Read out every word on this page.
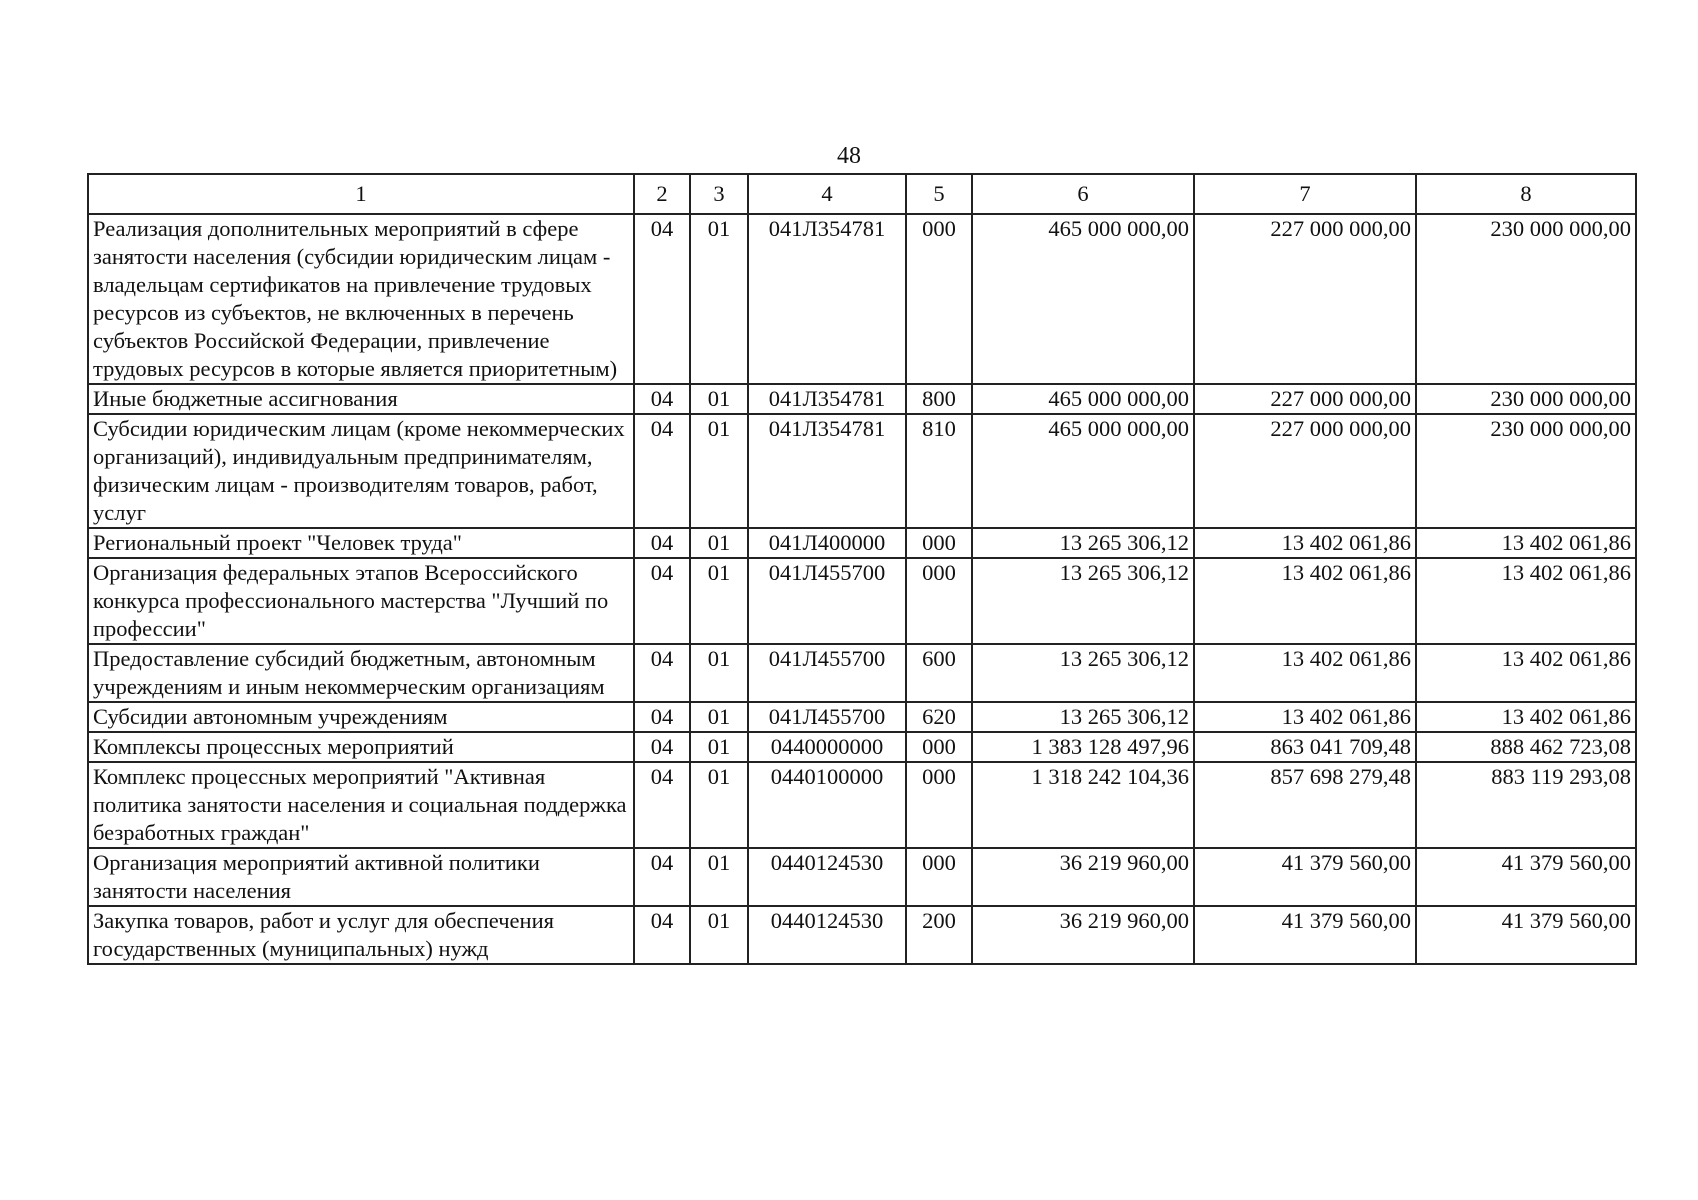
48
1	2	3	4	5	6	7	8
Реализация дополнительных мероприятий в сфере занятости населения (субсидии юридическим лицам - владельцам сертификатов на привлечение трудовых ресурсов из субъектов, не включенных в перечень субъектов Российской Федерации, привлечение трудовых ресурсов в которые является приоритетным)	04	01	041Л354781	000	465 000 000,00	227 000 000,00	230 000 000,00
Иные бюджетные ассигнования	04	01	041Л354781	800	465 000 000,00	227 000 000,00	230 000 000,00
Субсидии юридическим лицам (кроме некоммерческих организаций), индивидуальным предпринимателям, физическим лицам - производителям товаров, работ, услуг	04	01	041Л354781	810	465 000 000,00	227 000 000,00	230 000 000,00
Региональный проект "Человек труда"	04	01	041Л400000	000	13 265 306,12	13 402 061,86	13 402 061,86
Организация федеральных этапов Всероссийского конкурса профессионального мастерства "Лучший по профессии"	04	01	041Л455700	000	13 265 306,12	13 402 061,86	13 402 061,86
Предоставление субсидий бюджетным, автономным учреждениям и иным некоммерческим организациям	04	01	041Л455700	600	13 265 306,12	13 402 061,86	13 402 061,86
Субсидии автономным учреждениям	04	01	041Л455700	620	13 265 306,12	13 402 061,86	13 402 061,86
Комплексы процессных мероприятий	04	01	0440000000	000	1 383 128 497,96	863 041 709,48	888 462 723,08
Комплекс процессных мероприятий "Активная политика занятости населения и социальная поддержка безработных граждан"	04	01	0440100000	000	1 318 242 104,36	857 698 279,48	883 119 293,08
Организация мероприятий активной политики занятости населения	04	01	0440124530	000	36 219 960,00	41 379 560,00	41 379 560,00
Закупка товаров, работ и услуг для обеспечения государственных (муниципальных) нужд	04	01	0440124530	200	36 219 960,00	41 379 560,00	41 379 560,00
